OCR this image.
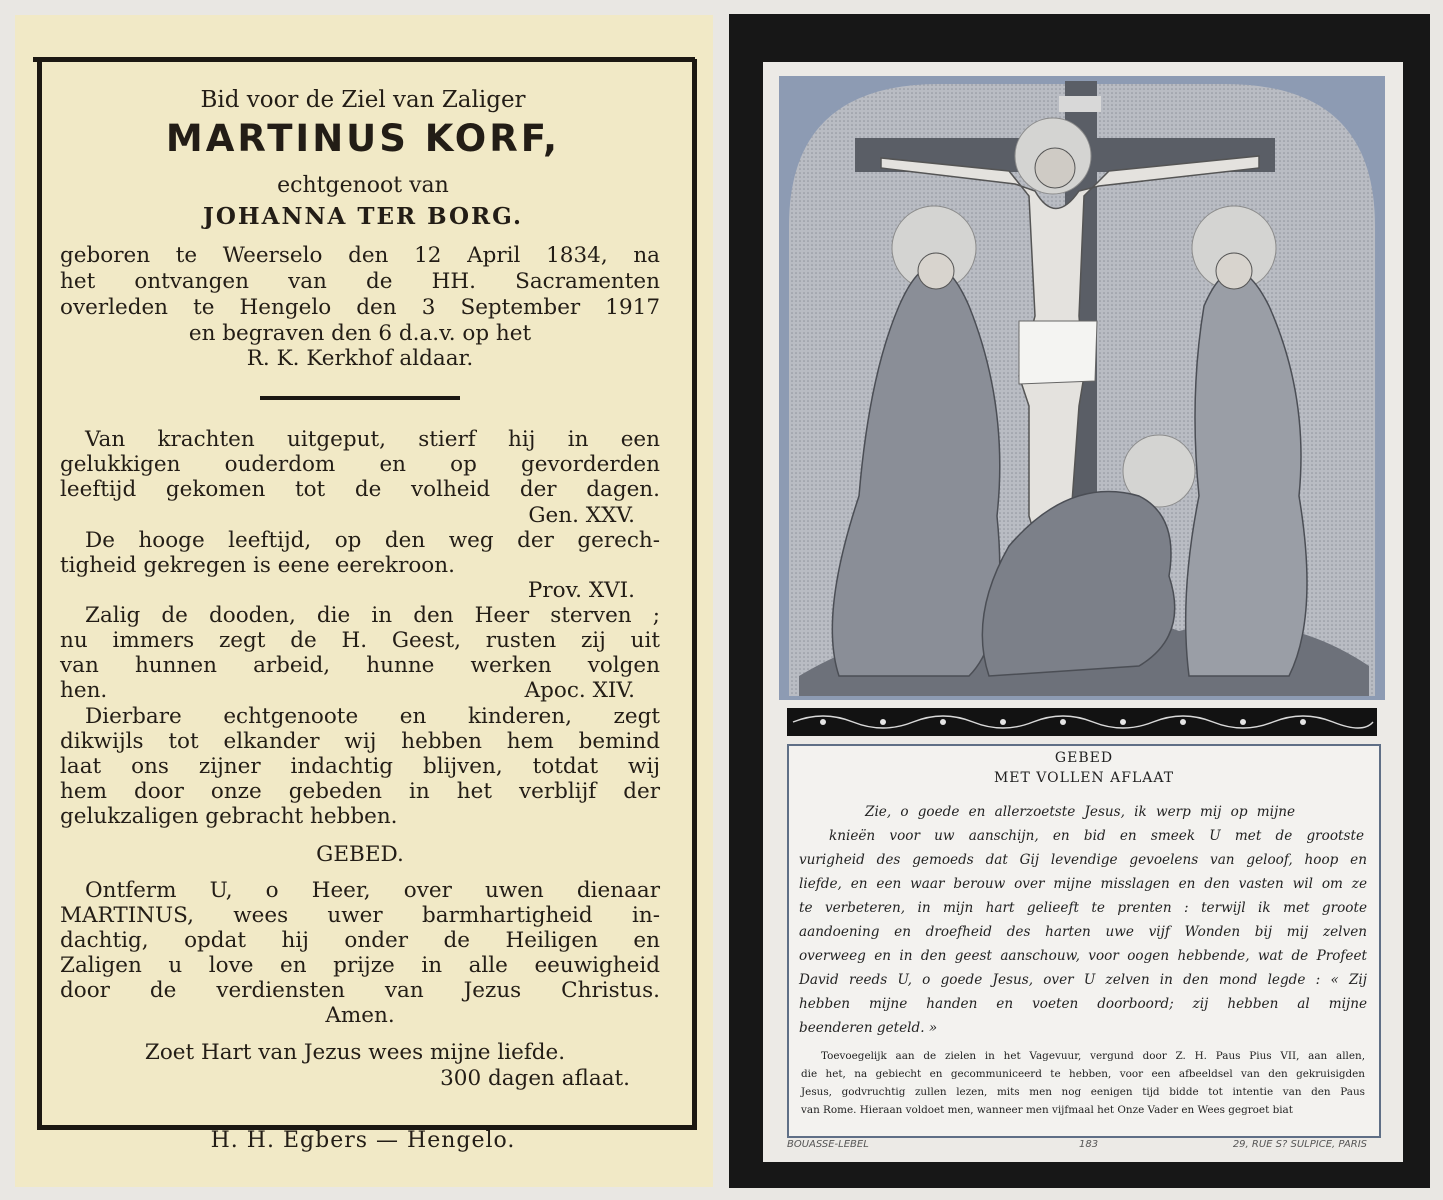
Bid voor de Ziel van Zaliger
MARTINUS KORF,
echtgenoot van
JOHANNA TER BORG.
geboren te Weerselo den 12 April 1834, na
het ontvangen van de HH. Sacramenten
overleden te Hengelo den 3 September 1917
en begraven den 6 d.a.v. op het
R. K. Kerkhof aldaar.
Van krachten uitgeput, stierf hij in een
gelukkigen ouderdom en op gevorderden
leeftijd gekomen tot de volheid der dagen.
Gen. XXV.
De hooge leeftijd, op den weg der gerech-
tigheid gekregen is eene eerekroon.
Prov. XVI.
Zalig de dooden, die in den Heer sterven ;
nu immers zegt de H. Geest, rusten zij uit
van hunnen arbeid, hunne werken volgen
hen.	Apoc. XIV.
Dierbare echtgenoote en kinderen, zegt
dikwijls tot elkander wij hebben hem bemind
laat ons zijner indachtig blijven, totdat wij
hem door onze gebeden in het verblijf der
gelukzaligen gebracht hebben.
GEBED.
Ontferm U, o Heer, over uwen dienaar
MARTINUS, wees uwer barmhartigheid in-
dachtig, opdat hij onder de Heiligen en
Zaligen u love en prijze in alle eeuwigheid
door de verdiensten van Jezus Christus.
Amen.
Zoet Hart van Jezus wees mijne liefde.
300 dagen aflaat.
H. H. Egbers — Hengelo.
GEBED
MET VOLLEN AFLAAT
Zie, o goede en allerzoetste Jesus, ik werp mij op mijne
knieën voor uw aanschijn, en bid en smeek U met de grootste
vurigheid des gemoeds dat Gij levendige gevoelens van geloof, hoop en
liefde, en een waar berouw over mijne misslagen en den vasten wil om ze
te verbeteren, in mijn hart gelieeft te prenten : terwijl ik met groote
aandoening en droefheid des harten uwe vijf Wonden bij mij zelven
overweeg en in den geest aanschouw, voor oogen hebbende, wat de Profeet
David reeds U, o goede Jesus, over U zelven in den mond legde : « Zij
hebben mijne handen en voeten doorboord; zij hebben al mijne
beenderen geteld. »
Toevoegelijk aan de zielen in het Vagevuur, vergund door Z. H. Paus Pius VII, aan allen,
die het, na gebiecht en gecommuniceerd te hebben, voor een afbeeldsel van den gekruisigden
Jesus, godvruchtig zullen lezen, mits men nog eenigen tijd bidde tot intentie van den Paus
van Rome. Hieraan voldoet men, wanneer men vijfmaal het Onze Vader en Wees gegroet biat
BOUASSE-LEBEL	183	29, RUE S? SULPICE, PARIS
